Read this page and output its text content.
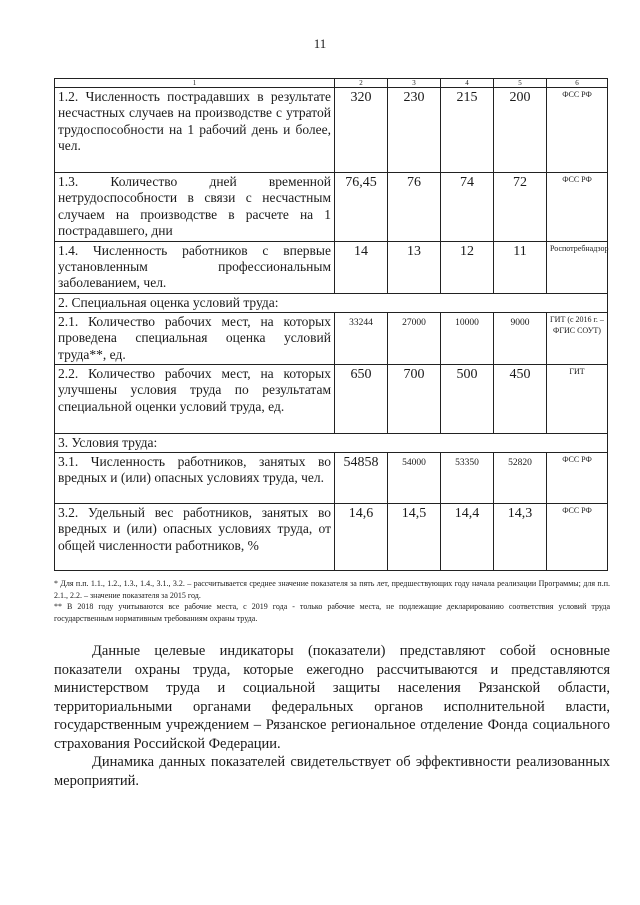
11
1	2	3	4	5	6
1.2. Численность пострадавших в результате несчастных случаев на производстве с утратой трудоспособности на 1 рабочий день и более, чел.	320	230	215	200	ФСС РФ
1.3. Количество дней временной нетрудоспособности в связи с несчастным случаем на производстве в расчете на 1 пострадавшего, дни	76,45	76	74	72	ФСС РФ
1.4. Численность работников с впервые установленным профессиональным заболеванием, чел.	14	13	12	11	Роспотребнадзор
2. Специальная оценка условий труда:					
2.1. Количество рабочих мест, на которых проведена специальная оценка условий труда**, ед.	33244	27000	10000	9000	ГИТ (с 2016 г. – ФГИС СОУТ)
2.2. Количество рабочих мест, на которых улучшены условия труда по результатам специальной оценки условий труда, ед.	650	700	500	450	ГИТ
3. Условия труда:					
3.1. Численность работников, занятых во вредных и (или) опасных условиях труда, чел.	54858	54000	53350	52820	ФСС РФ
3.2. Удельный вес работников, занятых во вредных и (или) опасных условиях труда, от общей численности работников, %	14,6	14,5	14,4	14,3	ФСС РФ

* Для п.п. 1.1., 1.2., 1.3., 1.4., 3.1., 3.2. – рассчитывается среднее значение показателя за пять лет, предшествующих году начала реализации Программы; для п.п. 2.1., 2.2. – значение показателя за 2015 год.

** В 2018 году учитываются все рабочие места, с 2019 года - только рабочие места, не подлежащие декларированию соответствия условий труда государственным нормативным требованиям охраны труда.

Данные целевые индикаторы (показатели) представляют собой основные показатели охраны труда, которые ежегодно рассчитываются и представляются министерством труда и социальной защиты населения Рязанской области, территориальными органами федеральных органов исполнительной власти, государственным учреждением – Рязанское региональное отделение Фонда социального страхования Российской Федерации.

Динамика данных показателей свидетельствует об эффективности реализованных мероприятий.
